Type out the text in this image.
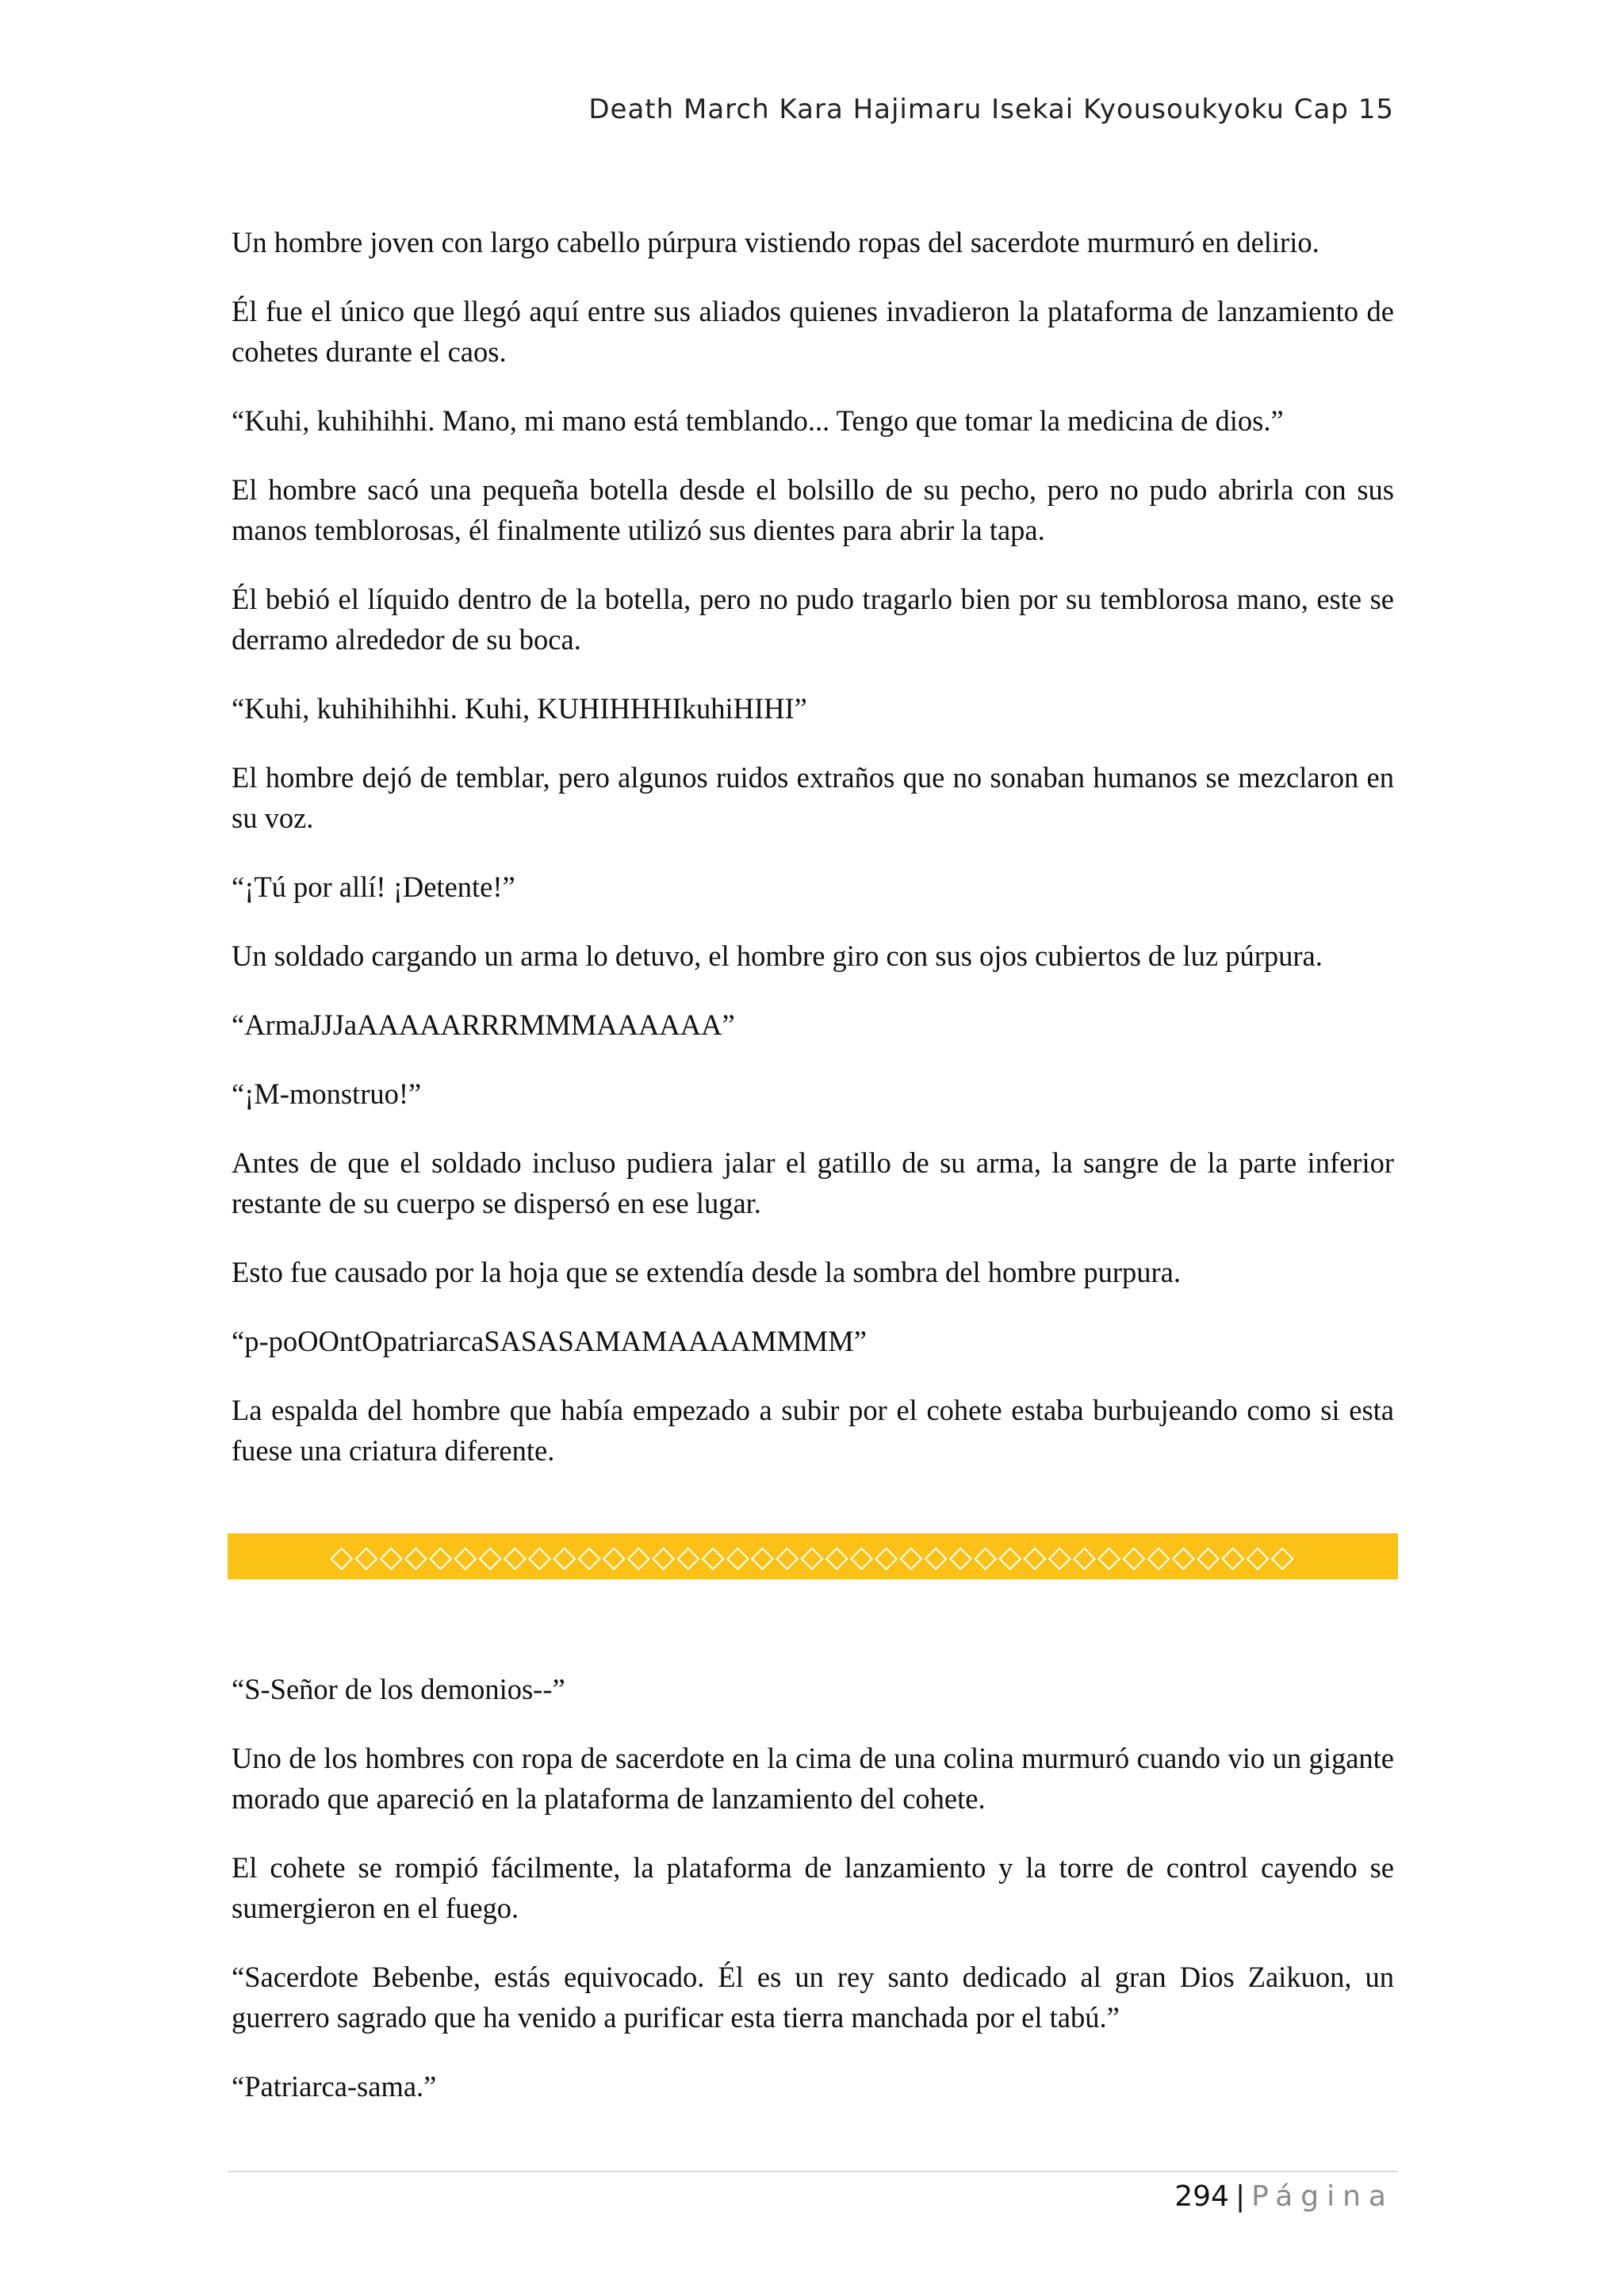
Death March Kara Hajimaru Isekai Kyousoukyoku Cap 15

Un hombre joven con largo cabello púrpura vistiendo ropas del sacerdote murmuró en delirio.

Él fue el único que llegó aquí entre sus aliados quienes invadieron la plataforma de lanzamiento de cohetes durante el caos.

“Kuhi, kuhihihhi. Mano, mi mano está temblando... Tengo que tomar la medicina de dios.”

El hombre sacó una pequeña botella desde el bolsillo de su pecho, pero no pudo abrirla con sus manos temblorosas, él finalmente utilizó sus dientes para abrir la tapa.

Él bebió el líquido dentro de la botella, pero no pudo tragarlo bien por su temblorosa mano, este se derramo alrededor de su boca.

“Kuhi, kuhihihihhi. Kuhi, KUHIHHHIkuhiHIHI”

El hombre dejó de temblar, pero algunos ruidos extraños que no sonaban humanos se mezclaron en su voz.

“¡Tú por allí! ¡Detente!”

Un soldado cargando un arma lo detuvo, el hombre giro con sus ojos cubiertos de luz púrpura.

“ArmaJJJaAAAAARRRMMMAAAAAA”

“¡M-monstruo!”

Antes de que el soldado incluso pudiera jalar el gatillo de su arma, la sangre de la parte inferior restante de su cuerpo se dispersó en ese lugar.

Esto fue causado por la hoja que se extendía desde la sombra del hombre purpura.

“p-poOOntOpatriarcaSASASAMAMAAAAMMMM”

La espalda del hombre que había empezado a subir por el cohete estaba burbujeando como si esta fuese una criatura diferente.

◇◇◇◇◇◇◇◇◇◇◇◇◇◇◇◇◇◇◇◇◇◇◇◇◇◇◇◇◇◇◇◇◇◇◇◇◇◇◇

“S-Señor de los demonios--”

Uno de los hombres con ropa de sacerdote en la cima de una colina murmuró cuando vio un gigante morado que apareció en la plataforma de lanzamiento del cohete.

El cohete se rompió fácilmente, la plataforma de lanzamiento y la torre de control cayendo se sumergieron en el fuego.

“Sacerdote Bebenbe, estás equivocado. Él es un rey santo dedicado al gran Dios Zaikuon, un guerrero sagrado que ha venido a purificar esta tierra manchada por el tabú.”

“Patriarca-sama.”

294 | Página
